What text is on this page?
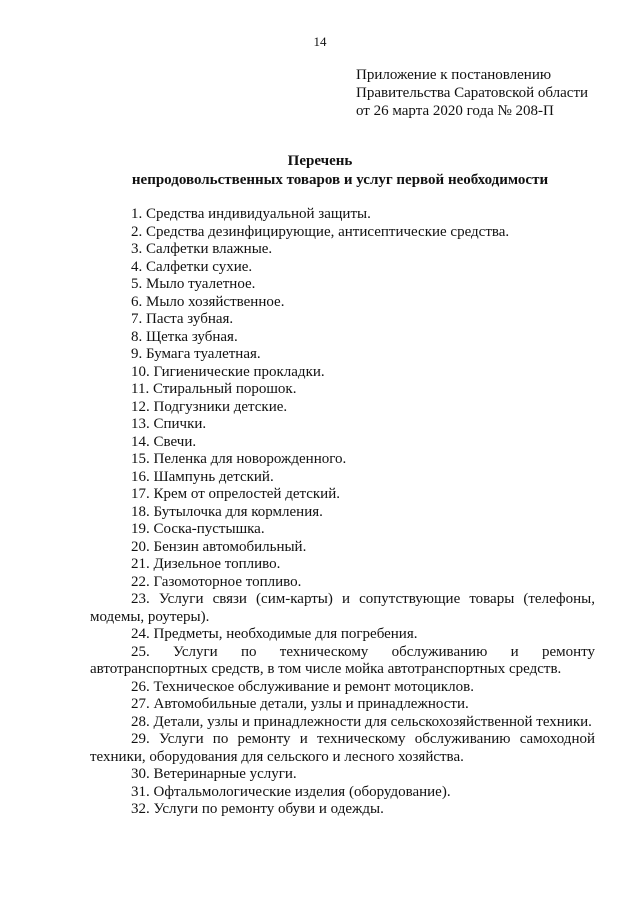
14
Приложение к постановлению
Правительства Саратовской области
от 26 марта 2020 года № 208-П
Перечень
непродовольственных товаров и услуг первой необходимости
1. Средства индивидуальной защиты.
2. Средства дезинфицирующие, антисептические средства.
3. Салфетки влажные.
4. Салфетки сухие.
5. Мыло туалетное.
6. Мыло хозяйственное.
7. Паста зубная.
8. Щетка зубная.
9. Бумага туалетная.
10. Гигиенические прокладки.
11. Стиральный порошок.
12. Подгузники детские.
13. Спички.
14. Свечи.
15. Пеленка для новорожденного.
16. Шампунь детский.
17. Крем от опрелостей детский.
18. Бутылочка для кормления.
19. Соска-пустышка.
20. Бензин автомобильный.
21. Дизельное топливо.
22. Газомоторное топливо.
23. Услуги связи (сим-карты) и сопутствующие товары (телефоны, модемы, роутеры).
24. Предметы, необходимые для погребения.
25. Услуги по техническому обслуживанию и ремонту автотранспортных средств, в том числе мойка автотранспортных средств.
26. Техническое обслуживание и ремонт мотоциклов.
27. Автомобильные детали, узлы и принадлежности.
28. Детали, узлы и принадлежности для сельскохозяйственной техники.
29. Услуги по ремонту и техническому обслуживанию самоходной техники, оборудования для сельского и лесного хозяйства.
30. Ветеринарные услуги.
31. Офтальмологические изделия (оборудование).
32. Услуги по ремонту обуви и одежды.
